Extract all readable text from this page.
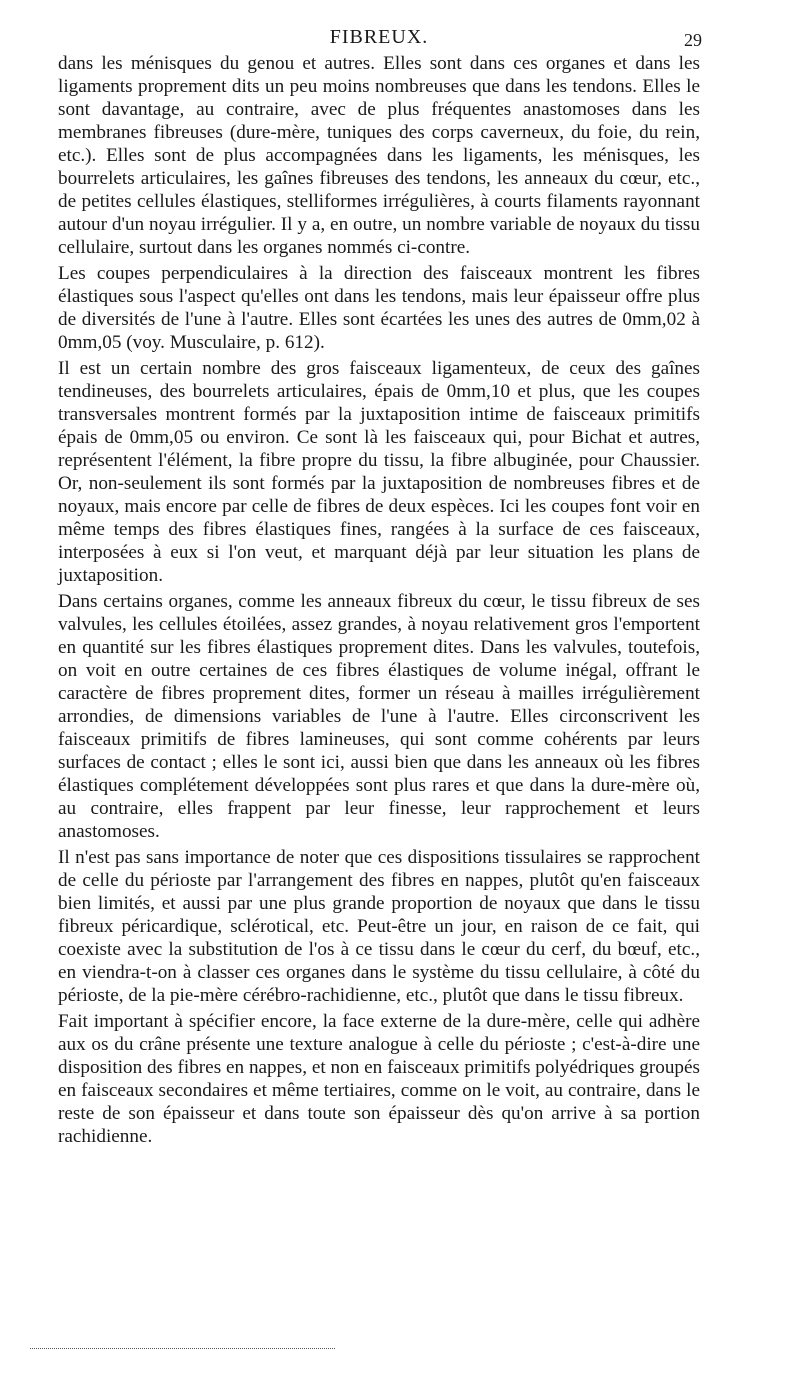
FIBREUX.	29

dans les ménisques du genou et autres. Elles sont dans ces organes et dans les ligaments proprement dits un peu moins nombreuses que dans les tendons. Elles le sont davantage, au contraire, avec de plus fréquentes anastomoses dans les membranes fibreuses (dure-mère, tuniques des corps caverneux, du foie, du rein, etc.). Elles sont de plus accompagnées dans les ligaments, les ménisques, les bourrelets articulaires, les gaînes fibreuses des tendons, les anneaux du cœur, etc., de petites cellules élastiques, stelliformes irrégulières, à courts filaments rayonnant autour d'un noyau irrégulier. Il y a, en outre, un nombre variable de noyaux du tissu cellulaire, surtout dans les organes nommés ci-contre.

Les coupes perpendiculaires à la direction des faisceaux montrent les fibres élastiques sous l'aspect qu'elles ont dans les tendons, mais leur épaisseur offre plus de diversités de l'une à l'autre. Elles sont écartées les unes des autres de 0mm,02 à 0mm,05 (voy. Musculaire, p. 612).

Il est un certain nombre des gros faisceaux ligamenteux, de ceux des gaînes tendineuses, des bourrelets articulaires, épais de 0mm,10 et plus, que les coupes transversales montrent formés par la juxtaposition intime de faisceaux primitifs épais de 0mm,05 ou environ. Ce sont là les faisceaux qui, pour Bichat et autres, représentent l'élément, la fibre propre du tissu, la fibre albuginée, pour Chaussier. Or, non-seulement ils sont formés par la juxtaposition de nombreuses fibres et de noyaux, mais encore par celle de fibres de deux espèces. Ici les coupes font voir en même temps des fibres élastiques fines, rangées à la surface de ces faisceaux, interposées à eux si l'on veut, et marquant déjà par leur situation les plans de juxtaposition.

Dans certains organes, comme les anneaux fibreux du cœur, le tissu fibreux de ses valvules, les cellules étoilées, assez grandes, à noyau relativement gros l'emportent en quantité sur les fibres élastiques proprement dites. Dans les valvules, toutefois, on voit en outre certaines de ces fibres élastiques de volume inégal, offrant le caractère de fibres proprement dites, former un réseau à mailles irrégulièrement arrondies, de dimensions variables de l'une à l'autre. Elles circonscrivent les faisceaux primitifs de fibres lamineuses, qui sont comme cohérents par leurs surfaces de contact ; elles le sont ici, aussi bien que dans les anneaux où les fibres élastiques complétement développées sont plus rares et que dans la dure-mère où, au contraire, elles frappent par leur finesse, leur rapprochement et leurs anastomoses.

Il n'est pas sans importance de noter que ces dispositions tissulaires se rapprochent de celle du périoste par l'arrangement des fibres en nappes, plutôt qu'en faisceaux bien limités, et aussi par une plus grande proportion de noyaux que dans le tissu fibreux péricardique, sclérotical, etc. Peut-être un jour, en raison de ce fait, qui coexiste avec la substitution de l'os à ce tissu dans le cœur du cerf, du bœuf, etc., en viendra-t-on à classer ces organes dans le système du tissu cellulaire, à côté du périoste, de la pie-mère cérébro-rachidienne, etc., plutôt que dans le tissu fibreux.

Fait important à spécifier encore, la face externe de la dure-mère, celle qui adhère aux os du crâne présente une texture analogue à celle du périoste ; c'est-à-dire une disposition des fibres en nappes, et non en faisceaux primitifs polyédriques groupés en faisceaux secondaires et même tertiaires, comme on le voit, au contraire, dans le reste de son épaisseur et dans toute son épaisseur dès qu'on arrive à sa portion rachidienne.
